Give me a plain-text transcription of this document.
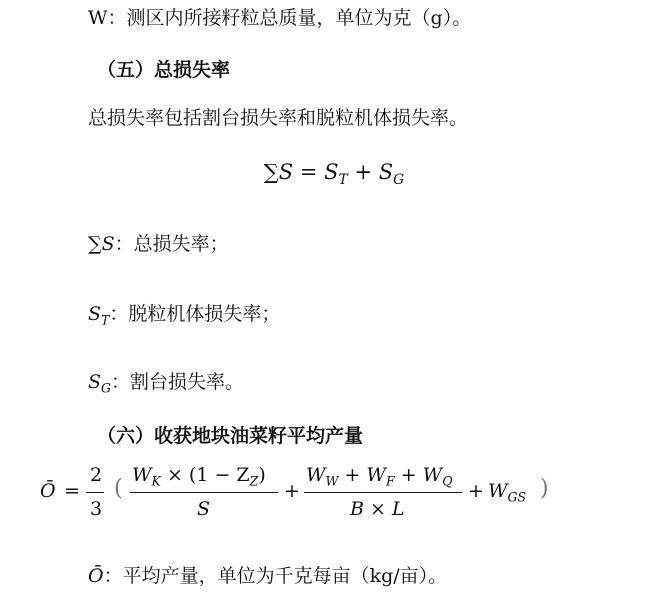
W：测区内所接籽粒总质量，单位为克（g）。
（五）总损失率
总损失率包括割台损失率和脱粒机体损失率。
$\sum S = S_T + S_G$
∑S：总损失率；
$S_T$：脱粒机体损失率；
$S_G$：割台损失率。
（六）收获地块油菜籽平均产量
Ō =
2
3
(
$W_K \times (1 - Z_Z)$
S
+
$W_W + W_F + W_Q$
B × L
+ $W_{GS}$ )
Ō：平均产量，单位为千克每亩（kg/亩）。
